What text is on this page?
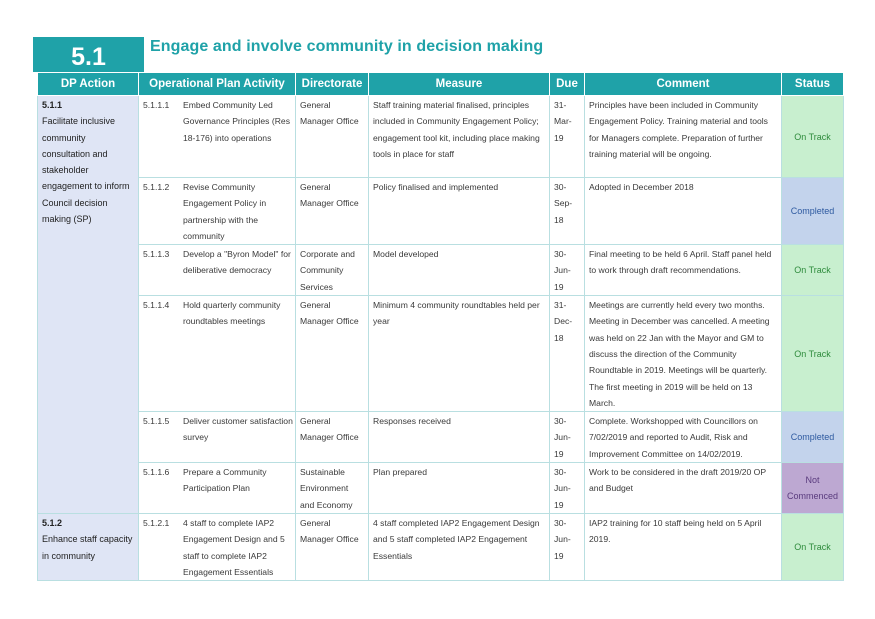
5.1	Engage and involve community in decision making
DP Action	Operational Plan Activity	Directorate	Measure	Due	Comment	Status

5.1.1
Facilitate inclusive community consultation and stakeholder engagement to inform Council decision making (SP)	5.1.1.1 Embed Community Led Governance Principles (Res 18-176) into operations	General Manager Office	Staff training material finalised, principles included in Community Engagement Policy; engagement tool kit, including place making tools in place for staff	31-Mar-19	Principles have been included in Community Engagement Policy. Training material and tools for Managers complete. Preparation of further training material will be ongoing.	On Track

	5.1.1.2 Revise Community Engagement Policy in partnership with the community	General Manager Office	Policy finalised and implemented	30-Sep-18	Adopted in December 2018	Completed

	5.1.1.3 Develop a "Byron Model" for deliberative democracy	Corporate and Community Services	Model developed	30-Jun-19	Final meeting to be held 6 April. Staff panel held to work through draft recommendations.	On Track

	5.1.1.4 Hold quarterly community roundtables meetings	General Manager Office	Minimum 4 community roundtables held per year	31-Dec-18	Meetings are currently held every two months. Meeting in December was cancelled. A meeting was held on 22 Jan with the Mayor and GM to discuss the direction of the Community Roundtable in 2019. Meetings will be quarterly. The first meeting in 2019 will be held on 13 March.	On Track

	5.1.1.5 Deliver customer satisfaction survey	General Manager Office	Responses received	30-Jun-19	Complete. Workshopped with Councillors on 7/02/2019 and reported to Audit, Risk and Improvement Committee on 14/02/2019.	Completed

	5.1.1.6 Prepare a Community Participation Plan	Sustainable Environment and Economy	Plan prepared	30-Jun-19	Work to be considered in the draft 2019/20 OP and Budget	Not Commenced

5.1.2
Enhance staff capacity in community	5.1.2.1 4 staff to complete IAP2 Engagement Design and 5 staff to complete IAP2 Engagement Essentials	General Manager Office	4 staff completed IAP2 Engagement Design and 5 staff completed IAP2 Engagement Essentials	30-Jun-19	IAP2 training for 10 staff being held on 5 April 2019.	On Track
